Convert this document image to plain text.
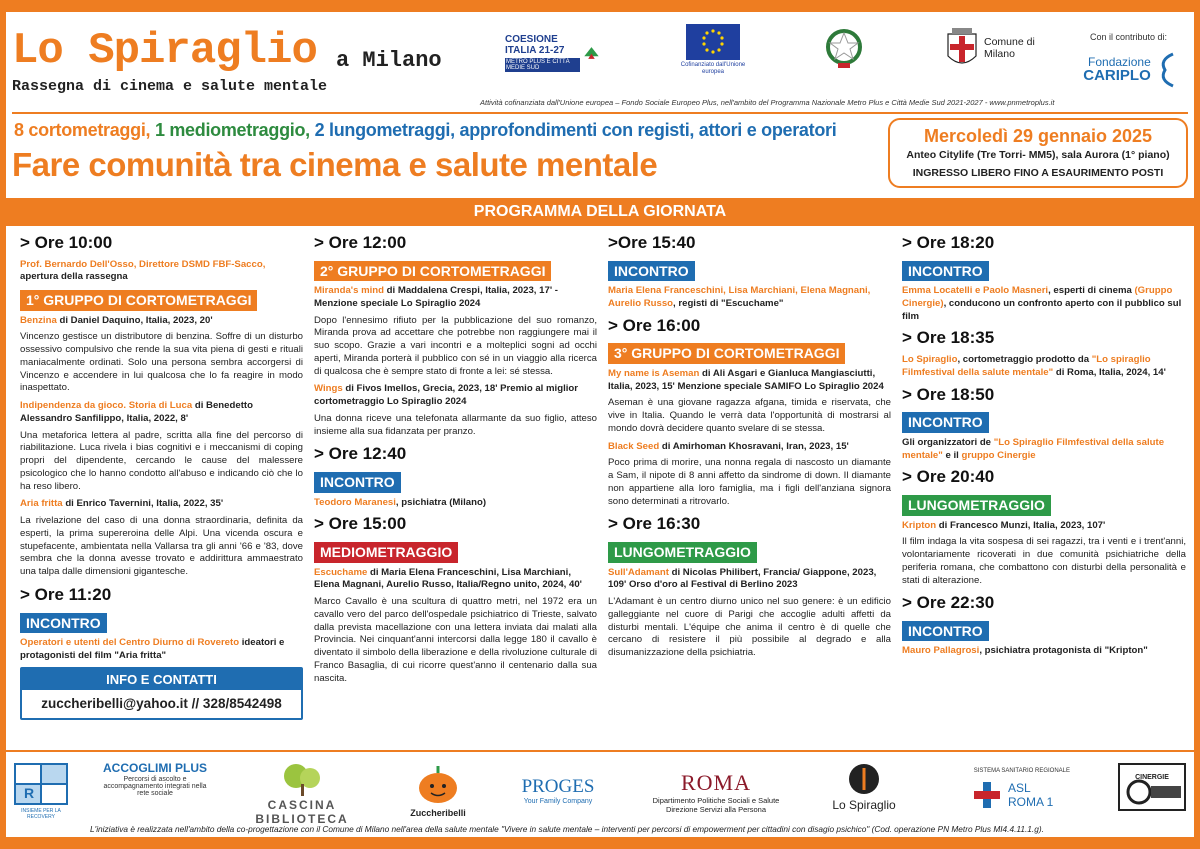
Lo Spiraglio a Milano
Rassegna di cinema e salute mentale
COESIONE ITALIA 21-27
METRO PLUS E CITTÀ MEDIE SUD	Cofinanziato dall'Unione europea
Comune di Milano
Con il contributo di:
Fondazione
CARIPLO
Attività cofinanziata dall'Unione europea – Fondo Sociale Europeo Plus, nell'ambito del Programma Nazionale Metro Plus e Città Medie Sud 2021-2027 - www.pnmetroplus.it
8 cortometraggi, 1 mediometraggio, 2 lungometraggi, approfondimenti con registi, attori e operatori
Fare comunità tra cinema e salute mentale
Mercoledì 29 gennaio 2025
Anteo Citylife (Tre Torri- MM5), sala Aurora (1° piano)
INGRESSO LIBERO FINO A ESAURIMENTO POSTI
PROGRAMMA DELLA GIORNATA
> Ore 10:00
Prof. Bernardo Dell'Osso, Direttore DSMD FBF-Sacco,
apertura della rassegna
1° GRUPPO DI CORTOMETRAGGI
Benzina di Daniel Daquino, Italia, 2023, 20'
Vincenzo gestisce un distributore di benzina. Soffre di un disturbo ossessivo compulsivo che rende la sua vita piena di gesti e rituali maniacalmente ordinati. Solo una persona sembra accorgersi di Vincenzo e accendere in lui qualcosa che lo fa reagire in modo inaspettato.
Indipendenza da gioco. Storia di Luca di Benedetto Alessandro Sanfilippo, Italia, 2022, 8'
Una metaforica lettera al padre, scritta alla fine del percorso di riabilitazione. Luca rivela i bias cognitivi e i meccanismi di coping propri del dipendente, cercando le cause del malessere psicologico che lo hanno condotto all'abuso e indicando ciò che lo ha reso libero.
Aria fritta di Enrico Tavernini, Italia, 2022, 35'
La rivelazione del caso di una donna straordinaria, definita da esperti, la prima supereroina delle Alpi. Una vicenda oscura e stupefacente, ambientata nella Vallarsa tra gli anni '66 e '83, dove sembra che la donna avesse trovato e addirittura ammaestrato una talpa dalle dimensioni gigantesche.
> Ore 11:20
INCONTRO
Operatori e utenti del Centro Diurno di Rovereto ideatori e protagonisti del film "Aria fritta"
INFO E CONTATTI
zuccheribelli@yahoo.it // 328/8542498
> Ore 12:00
2° GRUPPO DI CORTOMETRAGGI
Miranda's mind di Maddalena Crespi, Italia, 2023, 17' - Menzione speciale Lo Spiraglio 2024
Dopo l'ennesimo rifiuto per la pubblicazione del suo romanzo, Miranda prova ad accettare che potrebbe non raggiungere mai il suo scopo. Grazie a vari incontri e a molteplici sogni ad occhi aperti, Miranda porterà il pubblico con sé in un viaggio alla ricerca di qualcosa che è sempre stato di fronte a lei: sé stessa.
Wings di Fivos Imellos, Grecia, 2023, 18' Premio al miglior cortometraggio Lo Spiraglio 2024
Una donna riceve una telefonata allarmante da suo figlio, atteso insieme alla sua fidanzata per pranzo.
> Ore 12:40
INCONTRO
Teodoro Maranesi, psichiatra (Milano)
> Ore 15:00
MEDIOMETRAGGIO
Escuchame di Maria Elena Franceschini, Lisa Marchiani, Elena Magnani, Aurelio Russo, Italia/Regno unito, 2024, 40'
Marco Cavallo è una scultura di quattro metri, nel 1972 era un cavallo vero del parco dell'ospedale psichiatrico di Trieste, salvato dalla prevista macellazione con una lettera inviata dai malati alla Provincia. Nei cinquant'anni intercorsi dalla legge 180 il cavallo è diventato il simbolo della liberazione e della rivoluzione culturale di Franco Basaglia, di cui ricorre quest'anno il centenario dalla sua nascita.
>Ore 15:40
INCONTRO
Maria Elena Franceschini, Lisa Marchiani, Elena Magnani, Aurelio Russo, registi di "Escuchame"
> Ore 16:00
3° GRUPPO DI CORTOMETRAGGI
My name is Aseman di Ali Asgari e Gianluca Mangiasciutti, Italia, 2023, 15' Menzione speciale SAMIFO Lo Spiraglio 2024
Aseman è una giovane ragazza afgana, timida e riservata, che vive in Italia. Quando le verrà data l'opportunità di mostrarsi al mondo dovrà decidere quanto svelare di se stessa.
Black Seed di Amirhoman Khosravani, Iran, 2023, 15'
Poco prima di morire, una nonna regala di nascosto un diamante a Sam, il nipote di 8 anni affetto da sindrome di down. Il diamante non appartiene alla loro famiglia, ma i figli dell'anziana signora sono determinati a ritrovarlo.
> Ore 16:30
LUNGOMETRAGGIO
Sull'Adamant di Nicolas Philibert, Francia/ Giappone, 2023, 109' Orso d'oro al Festival di Berlino 2023
L'Adamant è un centro diurno unico nel suo genere: è un edificio galleggiante nel cuore di Parigi che accoglie adulti affetti da disturbi mentali. L'équipe che anima il centro è di quelle che cercano di resistere il più possibile al degrado e alla disumanizzazione della psichiatria.
> Ore 18:20
INCONTRO
Emma Locatelli e Paolo Masneri, esperti di cinema (Gruppo Cinergie), conducono un confronto aperto con il pubblico sul film
> Ore 18:35
Lo Spiraglio, cortometraggio prodotto da "Lo spiraglio Filmfestival della salute mentale" di Roma, Italia, 2024, 14'
> Ore 18:50
INCONTRO
Gli organizzatori de "Lo Spiraglio Filmfestival della salute mentale" e il gruppo Cinergie
> Ore 20:40
LUNGOMETRAGGIO
Kripton di Francesco Munzi, Italia, 2023, 107'
Il film indaga la vita sospesa di sei ragazzi, tra i venti e i trent'anni, volontariamente ricoverati in due comunità psichiatriche della periferia romana, che combattono con disturbi della personalità e stati di alterazione.
> Ore 22:30
INCONTRO
Mauro Pallagrosi, psichiatra protagonista di "Kripton"
R
INSIEME PER LA RECOVERY
ACCOGLIMI PLUS
Percorsi di ascolto e accompagnamento integrati nella rete sociale
CASCINA BIBLIOTECA	Zuccheribelli
PROGES
Your Family Company
ROMA
Dipartimento Politiche Sociali e Salute
Direzione Servizi alla Persona	Lo Spiraglio
SISTEMA SANITARIO REGIONALE
ASL ROMA 1
CINERGIE
L'iniziativa è realizzata nell'ambito della co-progettazione con il Comune di Milano nell'area della salute mentale "Vivere in salute mentale – interventi per percorsi di empowerment per cittadini con disagio psichico" (Cod. operazione PN Metro Plus MI4.4.11.1.g).
